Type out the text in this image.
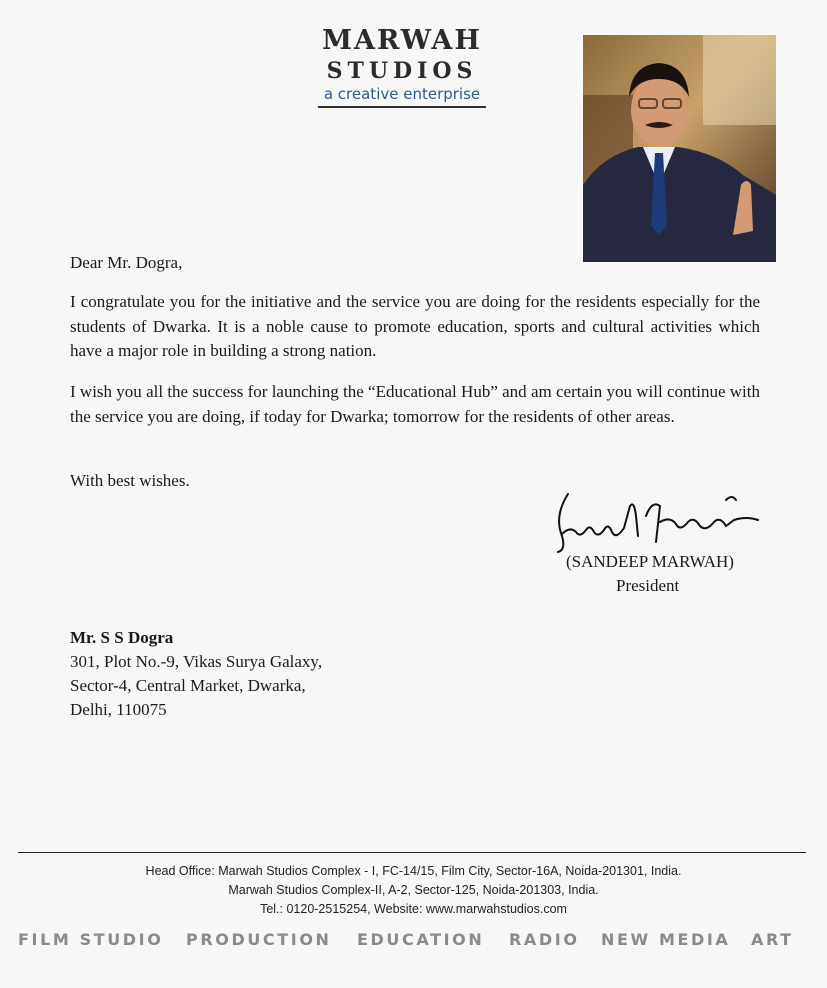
MARWAH
STUDIOS
a creative enterprise
Dear Mr. Dogra,
I congratulate you for the initiative and the service you are doing for the residents especially for the students of Dwarka. It is a noble cause to promote education, sports and cultural activities which have a major role in building a strong nation.
I wish you all the success for launching the “Educational Hub” and am certain you will continue with the service you are doing, if today for Dwarka; tomorrow for the residents of other areas.
With best wishes.
(SANDEEP MARWAH)
President
Mr. S S Dogra
301, Plot No.-9, Vikas Surya Galaxy,
Sector-4, Central Market, Dwarka,
Delhi, 110075
Head Office: Marwah Studios Complex - I, FC-14/15, Film City, Sector-16A, Noida-201301, India.
Marwah Studios Complex-II, A-2, Sector-125, Noida-201303, India.
Tel.: 0120-2515254, Website: www.marwahstudios.com
FILM STUDIO PRODUCTION EDUCATION RADIO NEW MEDIA ART
